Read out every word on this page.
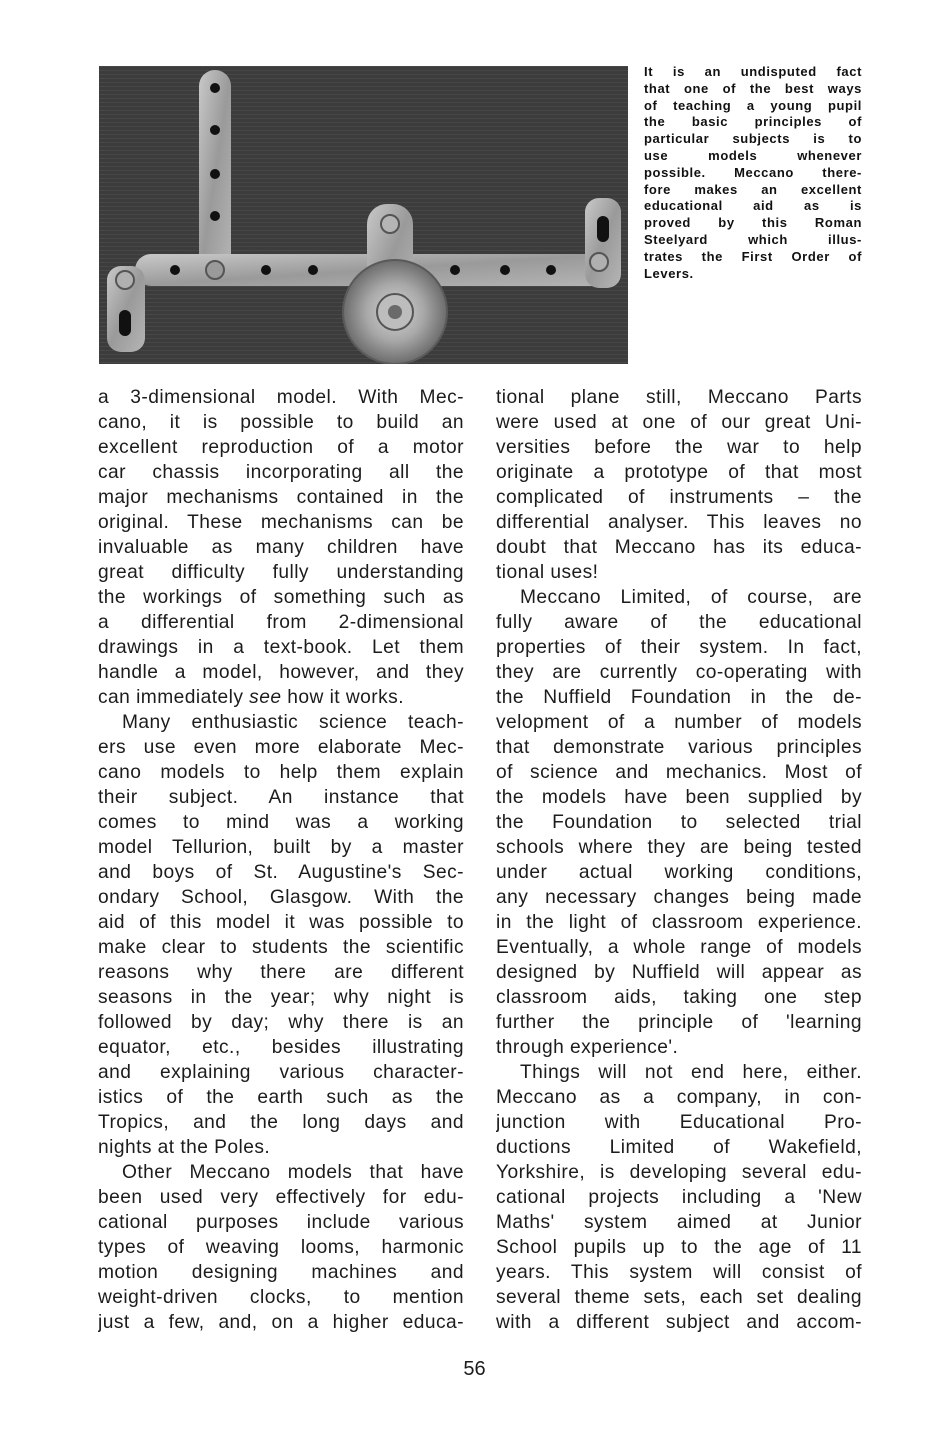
It is an undisputed fact
that one of the best ways
of teaching a young pupil
the basic principles of
particular subjects is to
use models whenever
possible. Meccano there-
fore makes an excellent
educational aid as is
proved by this Roman
Steelyard which illus-
trates the First Order of
Levers.
a 3-dimensional model. With Mec-
cano, it is possible to build an
excellent reproduction of a motor
car chassis incorporating all the
major mechanisms contained in the
original. These mechanisms can be
invaluable as many children have
great difficulty fully understanding
the workings of something such as
a differential from 2-dimensional
drawings in a text-book. Let them
handle a model, however, and they
can immediately see how it works.
Many enthusiastic science teach-
ers use even more elaborate Mec-
cano models to help them explain
their subject. An instance that
comes to mind was a working
model Tellurion, built by a master
and boys of St. Augustine's Sec-
ondary School, Glasgow. With the
aid of this model it was possible to
make clear to students the scientific
reasons why there are different
seasons in the year; why night is
followed by day; why there is an
equator, etc., besides illustrating
and explaining various character-
istics of the earth such as the
Tropics, and the long days and
nights at the Poles.
Other Meccano models that have
been used very effectively for edu-
cational purposes include various
types of weaving looms, harmonic
motion designing machines and
weight-driven clocks, to mention
just a few, and, on a higher educa-
tional plane still, Meccano Parts
were used at one of our great Uni-
versities before the war to help
originate a prototype of that most
complicated of instruments – the
differential analyser. This leaves no
doubt that Meccano has its educa-
tional uses!
Meccano Limited, of course, are
fully aware of the educational
properties of their system. In fact,
they are currently co-operating with
the Nuffield Foundation in the de-
velopment of a number of models
that demonstrate various principles
of science and mechanics. Most of
the models have been supplied by
the Foundation to selected trial
schools where they are being tested
under actual working conditions,
any necessary changes being made
in the light of classroom experience.
Eventually, a whole range of models
designed by Nuffield will appear as
classroom aids, taking one step
further the principle of 'learning
through experience'.
Things will not end here, either.
Meccano as a company, in con-
junction with Educational Pro-
ductions Limited of Wakefield,
Yorkshire, is developing several edu-
cational projects including a 'New
Maths' system aimed at Junior
School pupils up to the age of 11
years. This system will consist of
several theme sets, each set dealing
with a different subject and accom-
56
